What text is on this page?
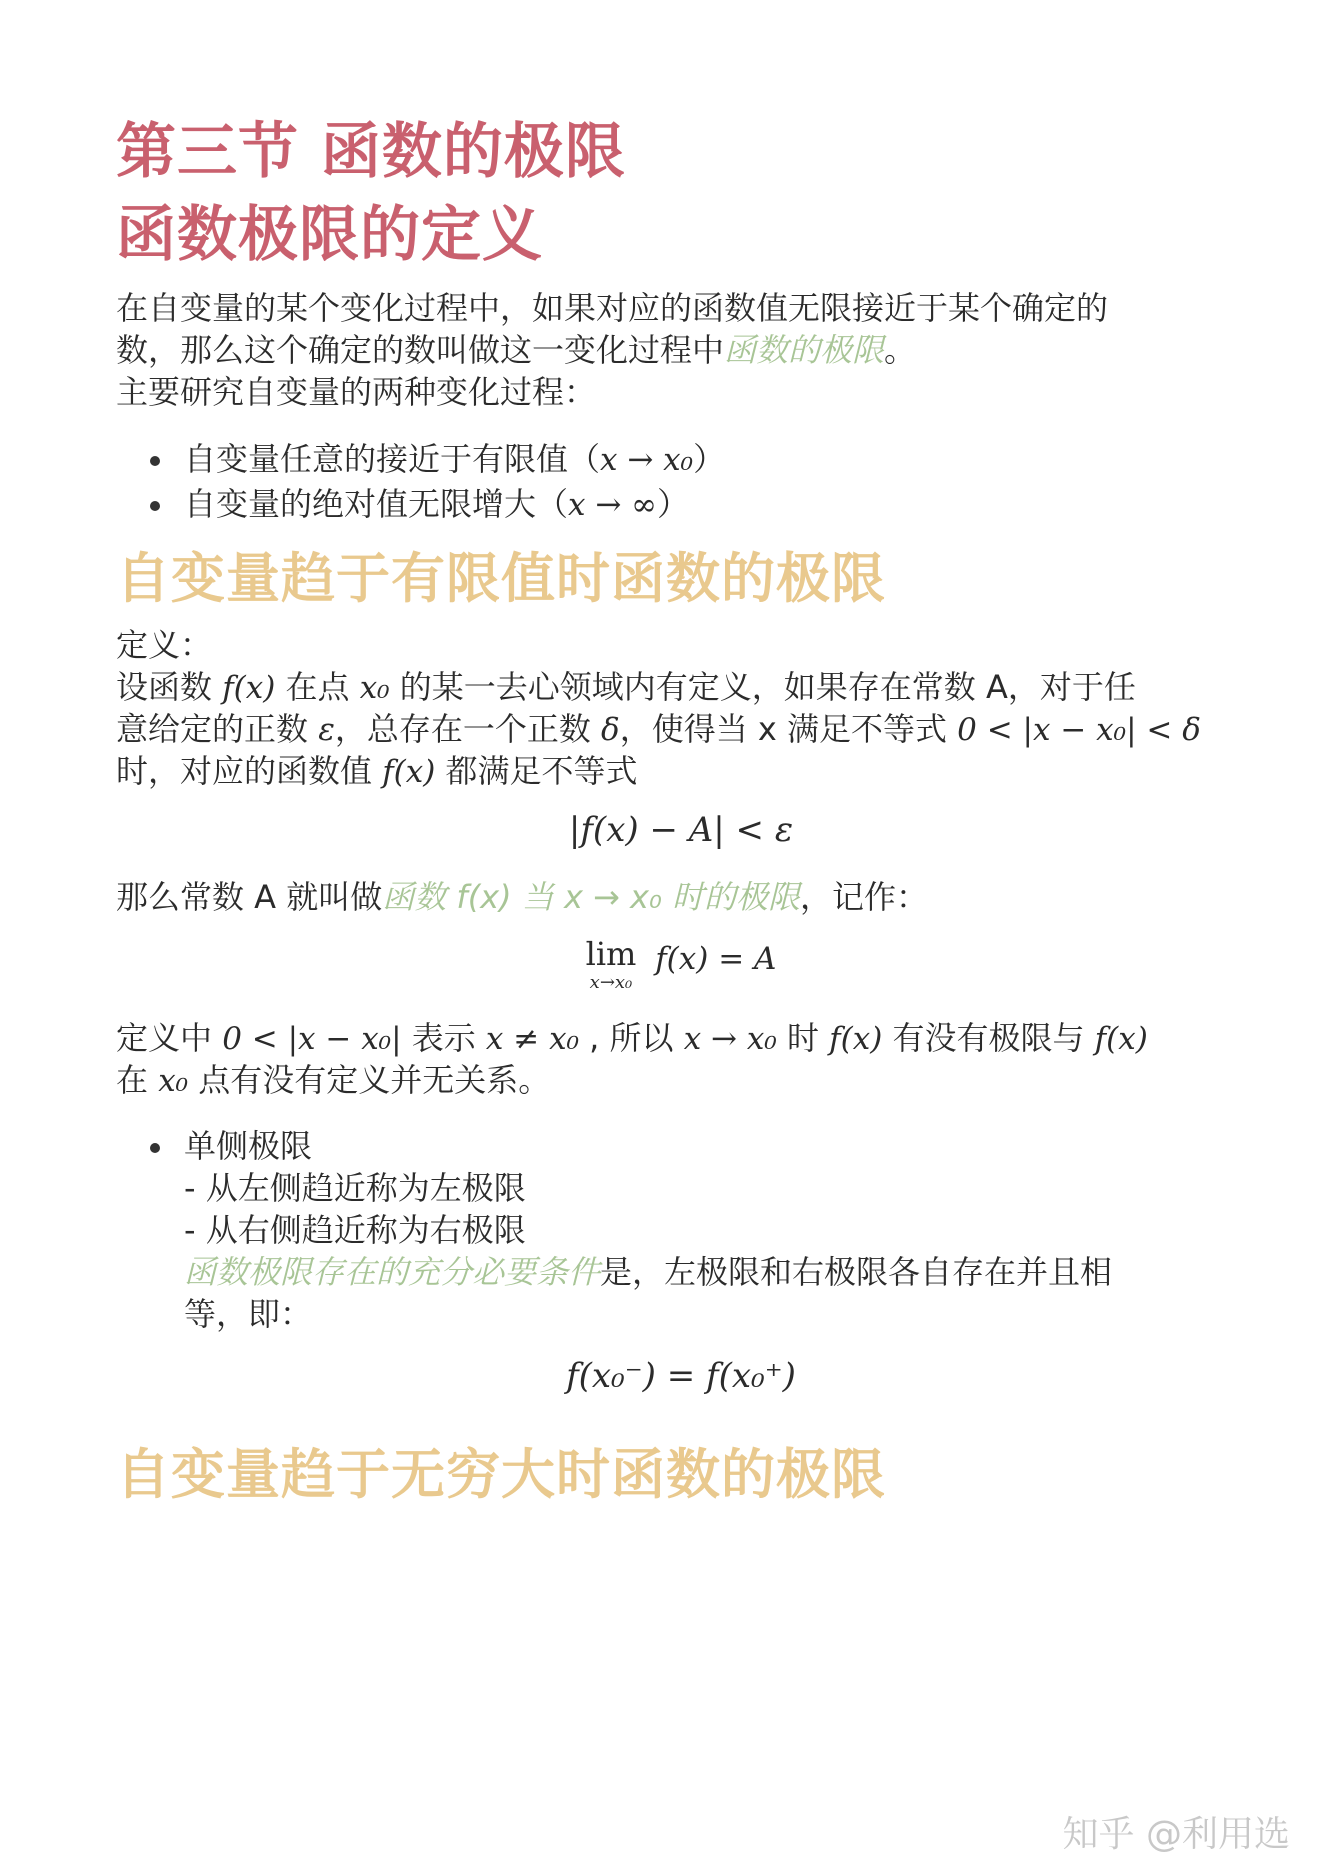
第三节 函数的极限
函数极限的定义
在自变量的某个变化过程中，如果对应的函数值无限接近于某个确定的
数，那么这个确定的数叫做这一变化过程中函数的极限。
主要研究自变量的两种变化过程：
自变量任意的接近于有限值（x → x₀）
自变量的绝对值无限增大（x → ∞）
自变量趋于有限值时函数的极限
定义：
设函数 f(x) 在点 x₀ 的某一去心领域内有定义，如果存在常数 A，对于任
意给定的正数 ε，总存在一个正数 δ，使得当 x 满足不等式 0 < |x − x₀| < δ
时，对应的函数值 f(x) 都满足不等式
|f(x) − A| < ε
那么常数 A 就叫做函数 f(x) 当 x → x₀ 时的极限，记作：
lim
x→x₀
f(x) = A
定义中 0 < |x − x₀| 表示 x ≠ x₀ , 所以 x → x₀ 时 f(x) 有没有极限与 f(x)
在 x₀ 点有没有定义并无关系。
单侧极限
- 从左侧趋近称为左极限
- 从右侧趋近称为右极限
函数极限存在的充分必要条件是，左极限和右极限各自存在并且相
等，即：
f(x₀⁻) = f(x₀⁺)
自变量趋于无穷大时函数的极限
知乎 @利用选
